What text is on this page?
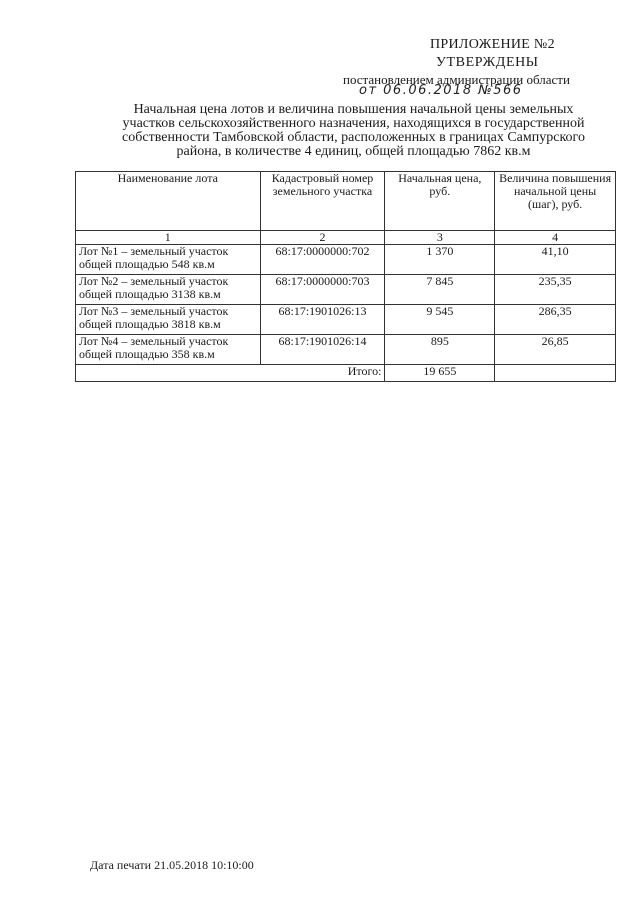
ПРИЛОЖЕНИЕ №2
УТВЕРЖДЕНЫ
постановлением администрации области
от 06.06.2018 №566
Начальная цена лотов и величина повышения начальной цены земельных
участков сельскохозяйственного назначения, находящихся в государственной
собственности Тамбовской области, расположенных в границах Сампурского
района, в количестве 4 единиц, общей площадью 7862 кв.м
Наименование лота	Кадастровый номер земельного участка	Начальная цена, руб.	Величина повышения начальной цены (шаг), руб.
1	2	3	4
Лот №1 – земельный участок общей площадью 548 кв.м	68:17:0000000:702	1 370	41,10
Лот №2 – земельный участок общей площадью 3138 кв.м	68:17:0000000:703	7 845	235,35
Лот №3 – земельный участок общей площадью 3818 кв.м	68:17:1901026:13	9 545	286,35
Лот №4 – земельный участок общей площадью 358 кв.м	68:17:1901026:14	895	26,85
Итого:		19 655	
Дата печати 21.05.2018 10:10:00
